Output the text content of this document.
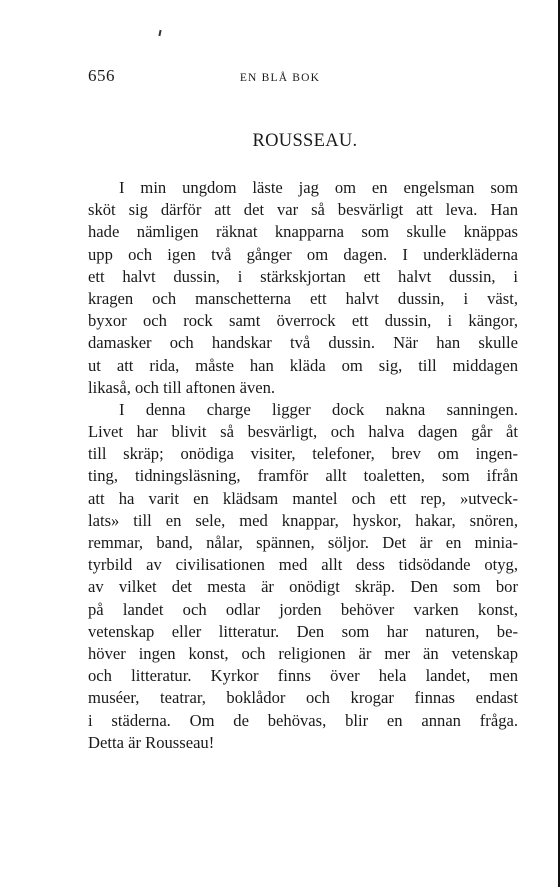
656	EN BLÅ BOK
ROUSSEAU.
I min ungdom läste jag om en engelsman som
sköt sig därför att det var så besvärligt att leva. Han
hade nämligen räknat knapparna som skulle knäppas
upp och igen två gånger om dagen. I underkläderna
ett halvt dussin, i stärkskjortan ett halvt dussin, i
kragen och manschetterna ett halvt dussin, i väst,
byxor och rock samt överrock ett dussin, i kängor,
damasker och handskar två dussin. När han skulle
ut att rida, måste han kläda om sig, till middagen
likaså, och till aftonen även.
I denna charge ligger dock nakna sanningen.
Livet har blivit så besvärligt, och halva dagen går åt
till skräp; onödiga visiter, telefoner, brev om ingen-
ting, tidningsläsning, framför allt toaletten, som ifrån
att ha varit en klädsam mantel och ett rep, »utveck-
lats» till en sele, med knappar, hyskor, hakar, snören,
remmar, band, nålar, spännen, söljor. Det är en minia-
tyrbild av civilisationen med allt dess tidsödande otyg,
av vilket det mesta är onödigt skräp. Den som bor
på landet och odlar jorden behöver varken konst,
vetenskap eller litteratur. Den som har naturen, be-
höver ingen konst, och religionen är mer än vetenskap
och litteratur. Kyrkor finns över hela landet, men
muséer, teatrar, boklådor och krogar finnas endast
i städerna. Om de behövas, blir en annan fråga.
Detta är Rousseau!
